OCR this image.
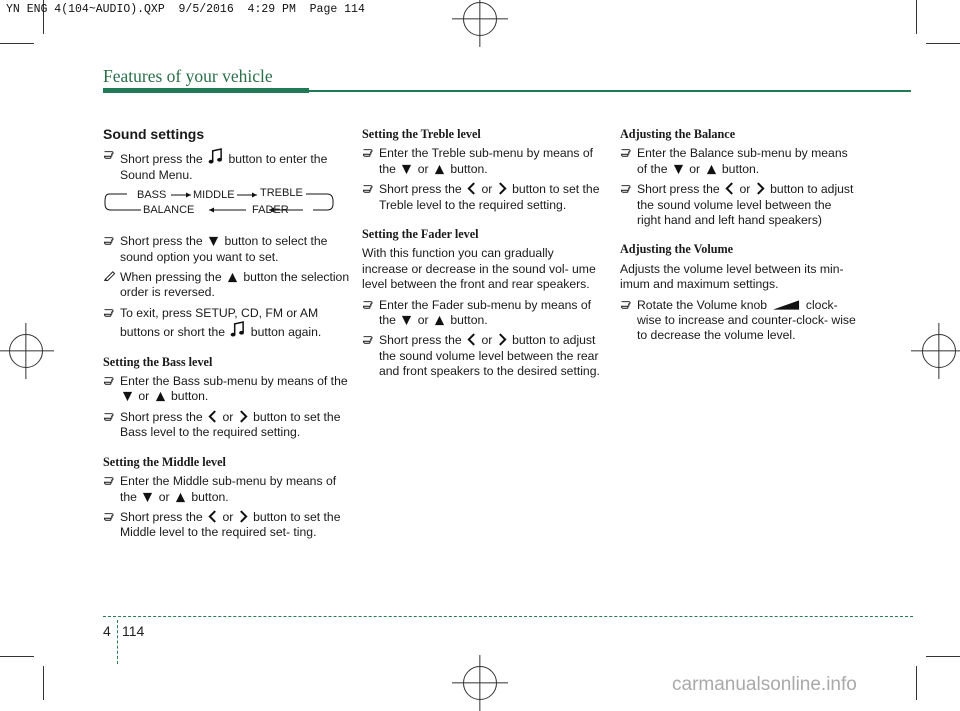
YN ENG 4(104~AUDIO).QXP  9/5/2016  4:29 PM  Page 114
Features of your vehicle
Sound settings
Short press the button to enter the Sound Menu.
BASS MIDDLE TREBLE
BALANCE	FADER
Short press the button to select the sound option you want to set.
When pressing the button the selection order is reversed.
To exit, press SETUP, CD, FM or AM buttons or short the button again.
Setting the Bass level
Enter the Bass sub-menu by means of the  or button.
Short press the or button to set the Bass level to the required setting.
Setting the Middle level
Enter the Middle sub-menu by means of the or button.
Short press the or button to set the Middle level to the required set- ting.
Setting the Treble level
Enter the Treble sub-menu by means of the or button.
Short press the or button to set the Treble level to the required setting.
Setting the Fader level
With this function you can gradually increase or decrease in the sound vol- ume level between the front and rear speakers.
Enter the Fader sub-menu by means of the or button.
Short press the or button to adjust the sound volume level between the rear and front speakers to the desired setting.
Adjusting the Balance
Enter the Balance sub-menu by means of the or button.
Short press the or button to adjust the sound volume level between the right hand and left hand speakers)
Adjusting the Volume
Adjusts the volume level between its min- imum and maximum settings.
Rotate the Volume knob	clock- wise to increase and counter-clock- wise to decrease the volume level.
4 114
carmanualsonline.info
